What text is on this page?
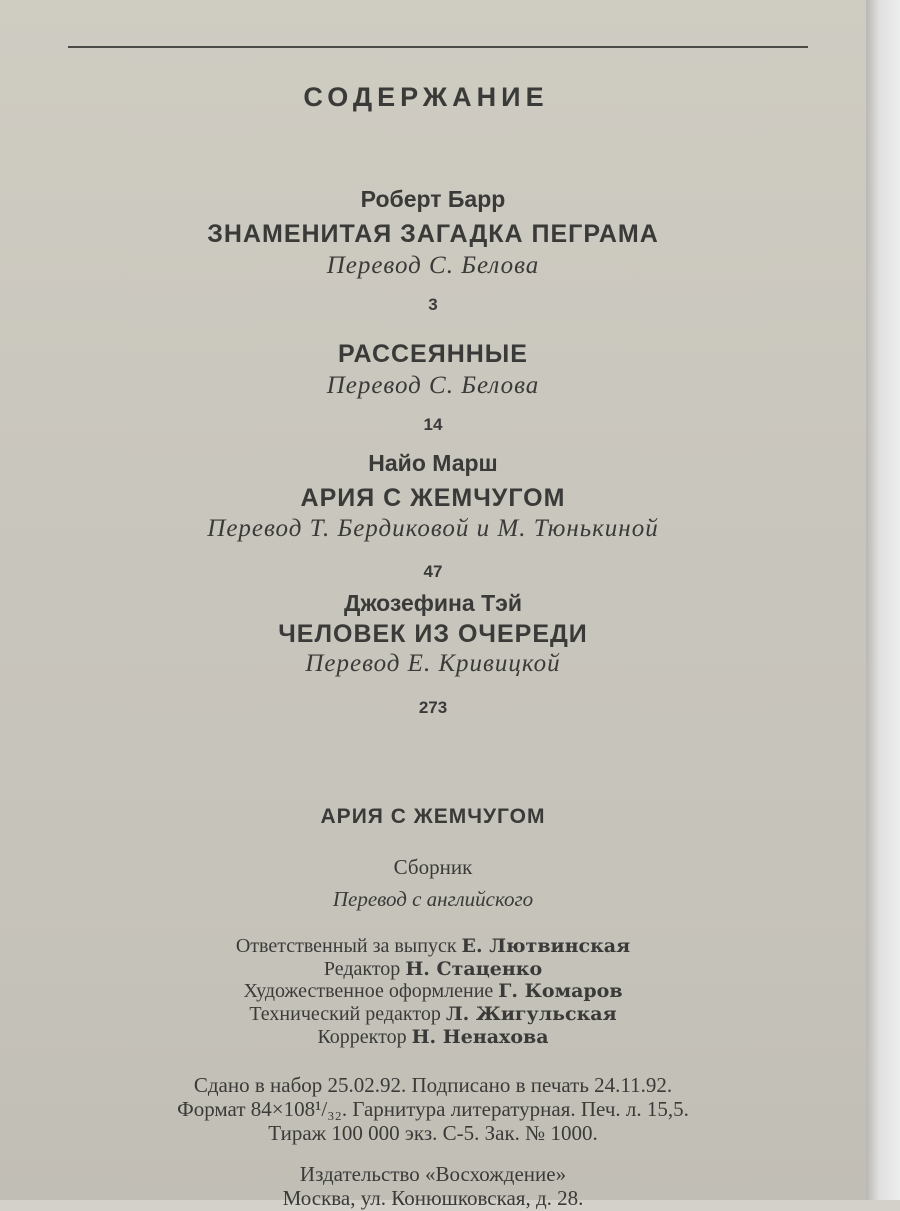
СОДЕРЖАНИЕ
Роберт Барр
ЗНАМЕНИТАЯ ЗАГАДКА ПЕГРАМА
Перевод С. Белова
3
РАССЕЯННЫЕ
Перевод С. Белова
14
Найо Марш
АРИЯ С ЖЕМЧУГОМ
Перевод Т. Бердиковой и М. Тюнькиной
47
Джозефина Тэй
ЧЕЛОВЕК ИЗ ОЧЕРЕДИ
Перевод Е. Кривицкой
273
АРИЯ С ЖЕМЧУГОМ
Сборник
Перевод с английского
Ответственный за выпуск Е. Лютвинская
Редактор Н. Стаценко
Художественное оформление Г. Комаров
Технический редактор Л. Жигульская
Корректор Н. Ненахова
Сдано в набор 25.02.92. Подписано в печать 24.11.92.
Формат 84×108¹/₃₂. Гарнитура литературная. Печ. л. 15,5.
Тираж 100 000 экз. С-5. Зак. № 1000.
Издательство «Восхождение»
Москва, ул. Конюшковская, д. 28.
